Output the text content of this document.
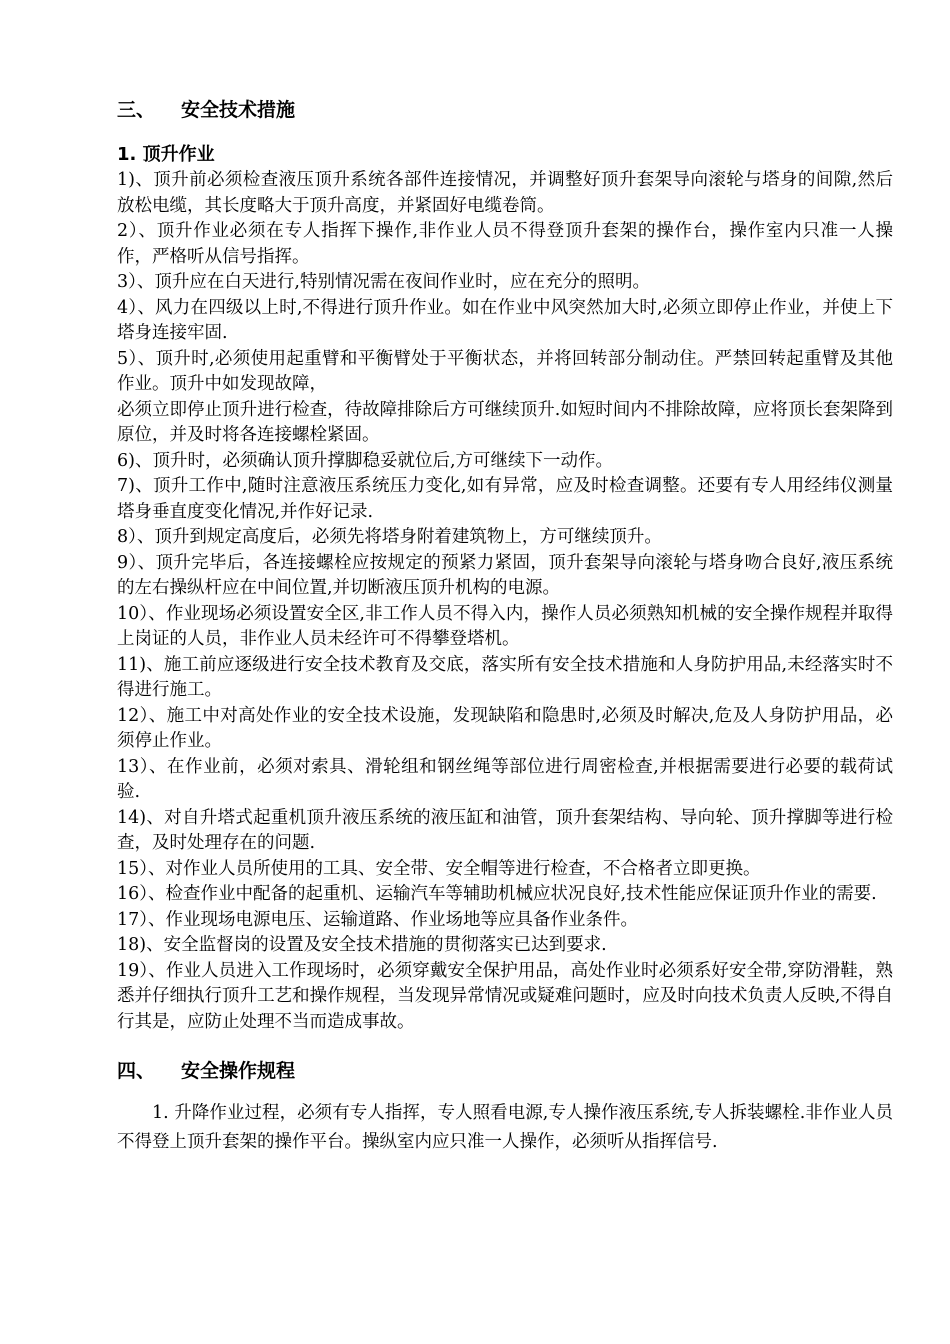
三、	安全技术措施
1. 顶升作业

1)、顶升前必须检查液压顶升系统各部件连接情况，并调整好顶升套架导向滚轮与塔身的间隙,然后放松电缆，其长度略大于顶升高度，并紧固好电缆卷筒。

2）、顶升作业必须在专人指挥下操作,非作业人员不得登顶升套架的操作台，操作室内只准一人操作，严格听从信号指挥。

3）、顶升应在白天进行,特别情况需在夜间作业时，应在充分的照明。

4）、风力在四级以上时,不得进行顶升作业。如在作业中风突然加大时,必须立即停止作业，并使上下塔身连接牢固.

5）、顶升时,必须使用起重臂和平衡臂处于平衡状态，并将回转部分制动住。严禁回转起重臂及其他作业。顶升中如发现故障，

必须立即停止顶升进行检查，待故障排除后方可继续顶升.如短时间内不排除故障，应将顶长套架降到原位，并及时将各连接螺栓紧固。

6)、顶升时，必须确认顶升撑脚稳妥就位后,方可继续下一动作。

7)、顶升工作中,随时注意液压系统压力变化,如有异常，应及时检查调整。还要有专人用经纬仪测量塔身垂直度变化情况,并作好记录.

8）、顶升到规定高度后，必须先将塔身附着建筑物上，方可继续顶升。

9）、顶升完毕后，各连接螺栓应按规定的预紧力紧固，顶升套架导向滚轮与塔身吻合良好,液压系统的左右操纵杆应在中间位置,并切断液压顶升机构的电源。

10）、作业现场必须设置安全区,非工作人员不得入内，操作人员必须熟知机械的安全操作规程并取得上岗证的人员，非作业人员未经许可不得攀登塔机。

11)、施工前应逐级进行安全技术教育及交底，落实所有安全技术措施和人身防护用品,未经落实时不得进行施工。

12）、施工中对高处作业的安全技术设施，发现缺陷和隐患时,必须及时解决,危及人身防护用品，必须停止作业。

13）、在作业前，必须对索具、滑轮组和钢丝绳等部位进行周密检查,并根据需要进行必要的载荷试验.

14)、对自升塔式起重机顶升液压系统的液压缸和油管，顶升套架结构、导向轮、顶升撑脚等进行检查，及时处理存在的问题.

15）、对作业人员所使用的工具、安全带、安全帽等进行检查，不合格者立即更换。

16）、检查作业中配备的起重机、运输汽车等辅助机械应状况良好,技术性能应保证顶升作业的需要.

17）、作业现场电源电压、运输道路、作业场地等应具备作业条件。

18)、安全监督岗的设置及安全技术措施的贯彻落实已达到要求.

19）、作业人员进入工作现场时，必须穿戴安全保护用品，高处作业时必须系好安全带,穿防滑鞋，熟悉并仔细执行顶升工艺和操作规程，当发现异常情况或疑难问题时，应及时向技术负责人反映,不得自行其是，应防止处理不当而造成事故。

四、	安全操作规程

1. 升降作业过程，必须有专人指挥，专人照看电源,专人操作液压系统,专人拆装螺栓.非作业人员不得登上顶升套架的操作平台。操纵室内应只准一人操作，必须听从指挥信号.
